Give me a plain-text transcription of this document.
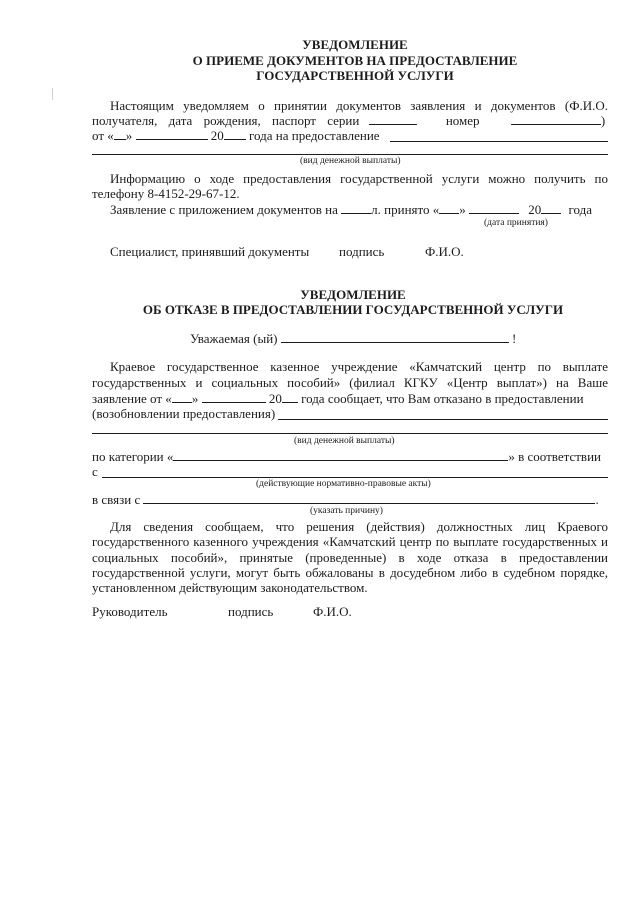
УВЕДОМЛЕНИЕ
О ПРИЕМЕ ДОКУМЕНТОВ НА ПРЕДОСТАВЛЕНИЕ
ГОСУДАРСТВЕННОЙ УСЛУГИ
Настоящим уведомляем о принятии документов заявления и документов (Ф.И.О.
получателя, дата рождения, паспорт серии	номер	)
от « »	20 года на предоставление
(вид денежной выплаты)
Информацию о ходе предоставления государственной услуги можно получить по
телефону 8-4152-29-67-12.
Заявление с приложением документов на	л. принято « »	20 года
(дата принятия)
Специалист, принявший документы подпись	Ф.И.О.
УВЕДОМЛЕНИЕ
ОБ ОТКАЗЕ В ПРЕДОСТАВЛЕНИИ ГОСУДАРСТВЕННОЙ УСЛУГИ
Уважаемая (ый)	!
Краевое государственное казенное учреждение «Камчатский центр по выплате
государственных и социальных пособий» (филиал КГКУ «Центр выплат») на Ваше
заявление от « »	20 года сообщает, что Вам отказано в предоставлении
(возобновлении предоставления)
(вид денежной выплаты)
по категории «	» в соответствии
с
(действующие нормативно-правовые акты)
в связи с	.
(указать причину)
Для сведения сообщаем, что решения (действия) должностных лиц Краевого
государственного казенного учреждения «Камчатский центр по выплате государственных и
социальных пособий», принятые (проведенные) в ходе отказа в предоставлении
государственной услуги, могут быть обжалованы в досудебном либо в судебном порядке,
установленном действующим законодательством.
Руководитель	подпись	Ф.И.О.
